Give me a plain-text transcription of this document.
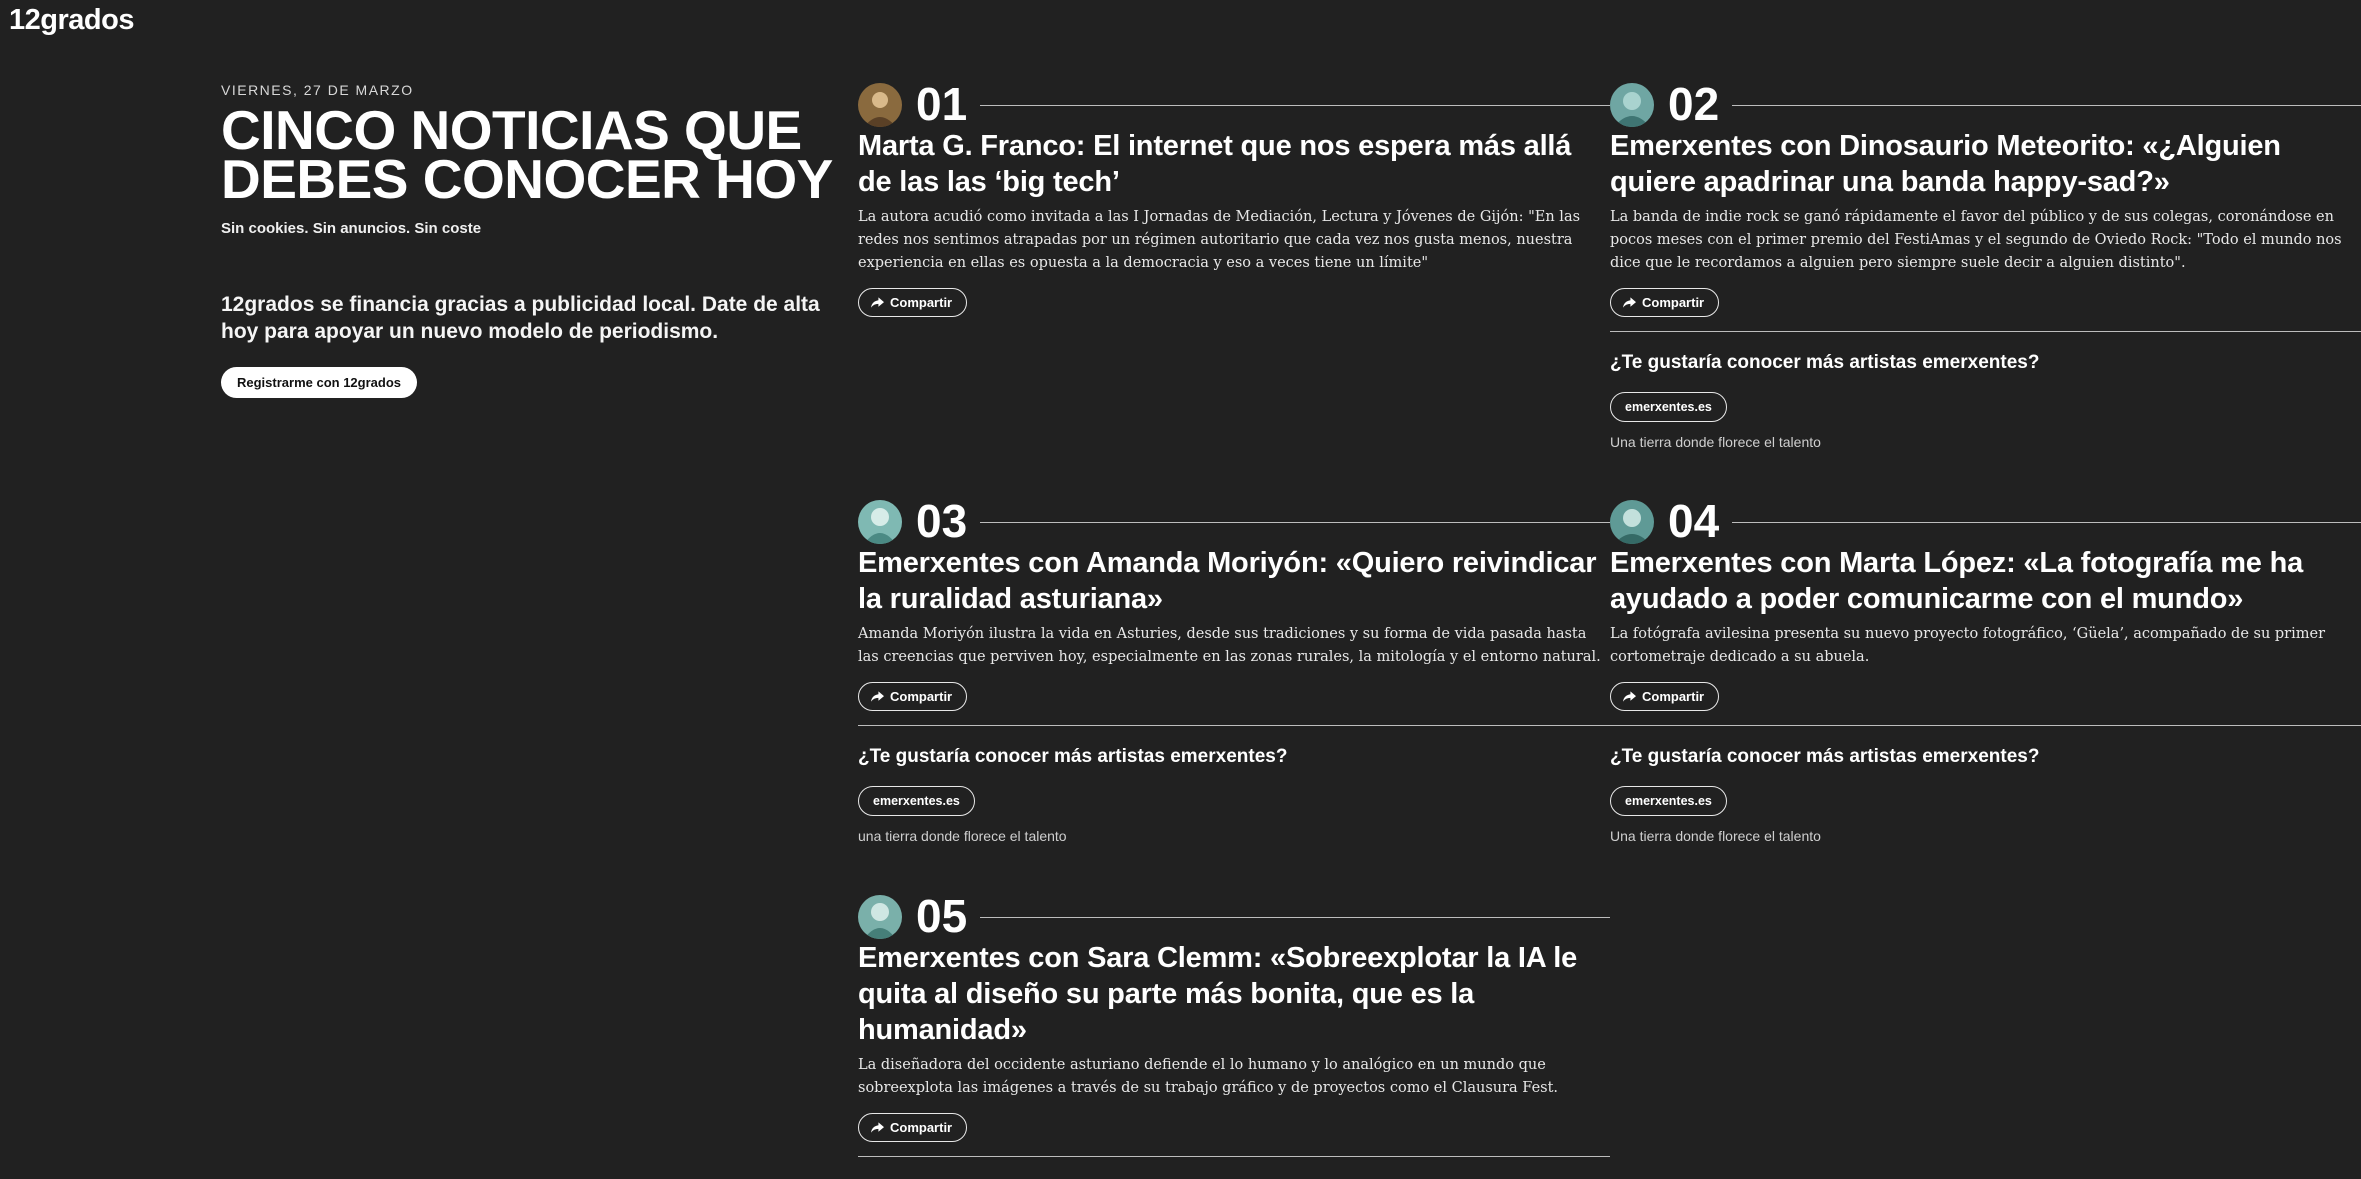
12grados
VIERNES, 27 DE MARZO
CINCO NOTICIAS QUE DEBES CONOCER HOY
Sin cookies. Sin anuncios. Sin coste
12grados se financia gracias a publicidad local. Date de alta hoy para apoyar un nuevo modelo de periodismo.
Registrarme con 12grados
01
Marta G. Franco: El internet que nos espera más allá de las las ‘big tech’
La autora acudió como invitada a las I Jornadas de Mediación, Lectura y Jóvenes de Gijón: "En las redes nos sentimos atrapadas por un régimen autoritario que cada vez nos gusta menos, nuestra experiencia en ellas es opuesta a la democracia y eso a veces tiene un límite"
Compartir
02
Emerxentes con Dinosaurio Meteorito: «¿Alguien quiere apadrinar una banda happy-sad?»
La banda de indie rock se ganó rápidamente el favor del público y de sus colegas, coronándose en pocos meses con el primer premio del FestiAmas y el segundo de Oviedo Rock: "Todo el mundo nos dice que le recordamos a alguien pero siempre suele decir a alguien distinto".
Compartir
¿Te gustaría conocer más artistas emerxentes?
emerxentes.es
Una tierra donde florece el talento
03
Emerxentes con Amanda Moriyón: «Quiero reivindicar la ruralidad asturiana»
Amanda Moriyón ilustra la vida en Asturies, desde sus tradiciones y su forma de vida pasada hasta las creencias que perviven hoy, especialmente en las zonas rurales, la mitología y el entorno natural.
Compartir
¿Te gustaría conocer más artistas emerxentes?
emerxentes.es
una tierra donde florece el talento
04
Emerxentes con Marta López: «La fotografía me ha ayudado a poder comunicarme con el mundo»
La fotógrafa avilesina presenta su nuevo proyecto fotográfico, ‘Güela’, acompañado de su primer cortometraje dedicado a su abuela.
Compartir
¿Te gustaría conocer más artistas emerxentes?
emerxentes.es
Una tierra donde florece el talento
05
Emerxentes con Sara Clemm: «Sobreexplotar la IA le quita al diseño su parte más bonita, que es la humanidad»
La diseñadora del occidente asturiano defiende el lo humano y lo analógico en un mundo que sobreexplota las imágenes a través de su trabajo gráfico y de proyectos como el Clausura Fest.
Compartir
